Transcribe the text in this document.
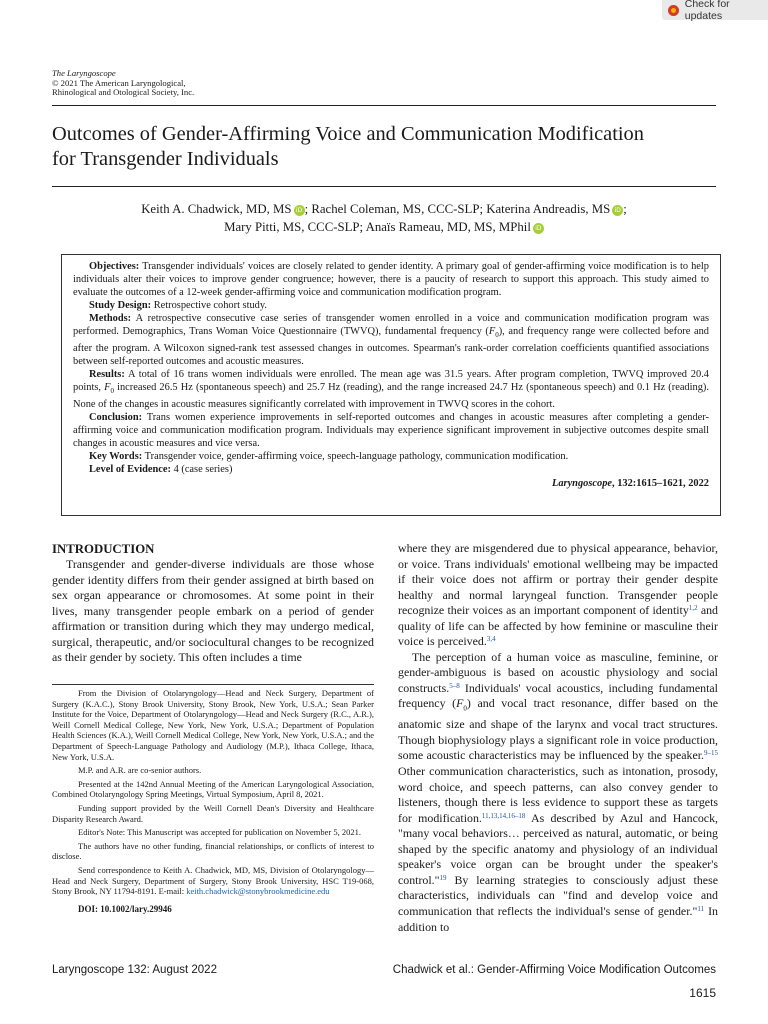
Check for updates
The Laryngoscope
© 2021 The American Laryngological,
Rhinological and Otological Society, Inc.
Outcomes of Gender-Affirming Voice and Communication Modification
for Transgender Individuals
Keith A. Chadwick, MD, MS iD ; Rachel Coleman, MS, CCC-SLP; Katerina Andreadis, MS iD ;
Mary Pitti, MS, CCC-SLP; Anaïs Rameau, MD, MS, MPhil iD

Objectives: Transgender individuals' voices are closely related to gender identity. A primary goal of gender-affirming voice modification is to help individuals alter their voices to improve gender congruence; however, there is a paucity of research to support this approach. This study aimed to evaluate the outcomes of a 12-week gender-affirming voice and communication modification program.

Study Design: Retrospective cohort study.

Methods: A retrospective consecutive case series of transgender women enrolled in a voice and communication modification program was performed. Demographics, Trans Woman Voice Questionnaire (TWVQ), fundamental frequency $(F_0)$, and frequency range were collected before and after the program. A Wilcoxon signed-rank test assessed changes in outcomes. Spearman's rank-order correlation coefficients quantified associations between self-reported outcomes and acoustic measures.

Results: A total of 16 trans women individuals were enrolled. The mean age was 31.5 years. After program completion, TWVQ improved 20.4 points, $F_0$ increased 26.5 Hz (spontaneous speech) and 25.7 Hz (reading), and the range increased 24.7 Hz (spontaneous speech) and 0.1 Hz (reading). None of the changes in acoustic measures significantly correlated with improvement in TWVQ scores in the cohort.

Conclusion: Trans women experience improvements in self-reported outcomes and changes in acoustic measures after completing a gender-affirming voice and communication modification program. Individuals may experience significant improvement in subjective outcomes despite small changes in acoustic measures and vice versa.

Key Words: Transgender voice, gender-affirming voice, speech-language pathology, communication modification.

Level of Evidence: 4 (case series)

Laryngoscope, 132:1615–1621, 2022
INTRODUCTION

Transgender and gender-diverse individuals are those whose gender identity differs from their gender assigned at birth based on sex organ appearance or chromosomes. At some point in their lives, many transgender people embark on a period of gender affirmation or transition during which they may undergo medical, surgical, therapeutic, and/or sociocultural changes to be recognized as their gender by society. This often includes a time

From the Division of Otolaryngology—Head and Neck Surgery, Department of Surgery (K.A.C.), Stony Brook University, Stony Brook, New York, U.S.A.; Sean Parker Institute for the Voice, Department of Otolaryngology—Head and Neck Surgery (R.C., A.R.), Weill Cornell Medical College, New York, New York, U.S.A.; Department of Population Health Sciences (K.A.), Weill Cornell Medical College, New York, New York, U.S.A.; and the Department of Speech-Language Pathology and Audiology (M.P.), Ithaca College, Ithaca, New York, U.S.A.

M.P. and A.R. are co-senior authors.

Presented at the 142nd Annual Meeting of the American Laryngological Association, Combined Otolaryngology Spring Meetings, Virtual Symposium, April 8, 2021.

Funding support provided by the Weill Cornell Dean's Diversity and Healthcare Disparity Research Award.

Editor's Note: This Manuscript was accepted for publication on November 5, 2021.

The authors have no other funding, financial relationships, or conflicts of interest to disclose.

Send correspondence to Keith A. Chadwick, MD, MS, Division of Otolaryngology—Head and Neck Surgery, Department of Surgery, Stony Brook University, HSC T19-068, Stony Brook, NY 11794-8191. E-mail: keith.chadwick@stonybrookmedicine.edu

DOI: 10.1002/lary.29946

where they are misgendered due to physical appearance, behavior, or voice. Trans individuals' emotional wellbeing may be impacted if their voice does not affirm or portray their gender despite healthy and normal laryngeal function. Transgender people recognize their voices as an important component of identity$^{1,2}$ and quality of life can be affected by how feminine or masculine their voice is perceived.$^{3,4}$

The perception of a human voice as masculine, feminine, or gender-ambiguous is based on acoustic physiology and social constructs.$^{5-8}$ Individuals' vocal acoustics, including fundamental frequency $(F_0)$ and vocal tract resonance, differ based on the anatomic size and shape of the larynx and vocal tract structures. Though biophysiology plays a significant role in voice production, some acoustic characteristics may be influenced by the speaker.$^{9-15}$ Other communication characteristics, such as intonation, prosody, word choice, and speech patterns, can also convey gender to listeners, though there is less evidence to support these as targets for modification.$^{11,13,14,16-18}$ As described by Azul and Hancock, "many vocal behaviors… perceived as natural, automatic, or being shaped by the specific anatomy and physiology of an individual speaker's voice organ can be brought under the speaker's control."$^{19}$ By learning strategies to consciously adjust these characteristics, individuals can "find and develop voice and communication that reflects the individual's sense of gender."$^{11}$ In addition to

Laryngoscope 132: August 2022	Chadwick et al.: Gender-Affirming Voice Modification Outcomes
1615
